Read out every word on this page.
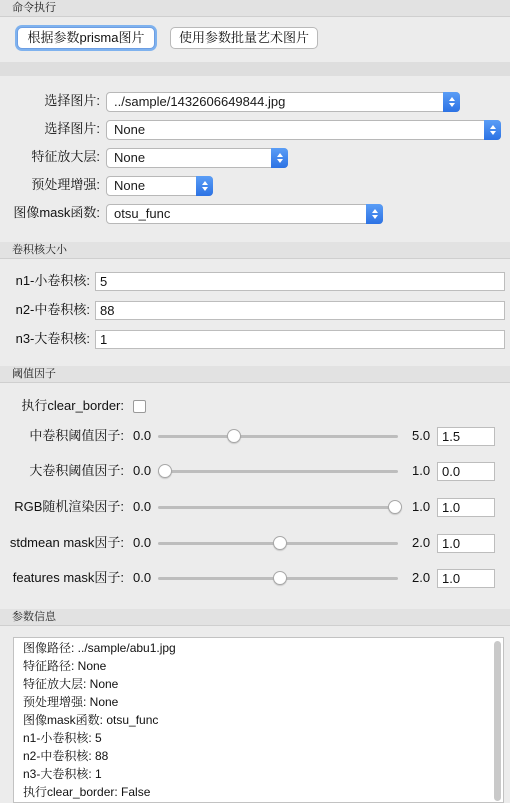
命令执行
根据参数prisma图片	使用参数批量艺术图片
选择图片:	../sample/1432606649844.jpg
选择图片:	None
特征放大层:	None
预处理增强:	None
图像mask函数:	otsu_func
卷积核大小
n1-小卷积核: 5
n2-中卷积核: 88
n3-大卷积核: 1
阈值因子
执行clear_border:
中卷积阈值因子: 0.0	5.0 1.5
大卷积阈值因子: 0.0	1.0 0.0
RGB随机渲染因子: 0.0	1.0 1.0
stdmean mask因子: 0.0	2.0 1.0
features mask因子: 0.0	2.0 1.0
参数信息
图像路径: ../sample/abu1.jpg
特征路径: None
特征放大层: None
预处理增强: None
图像mask函数: otsu_func
n1-小卷积核: 5
n2-中卷积核: 88
n3-大卷积核: 1
执行clear_border: False
